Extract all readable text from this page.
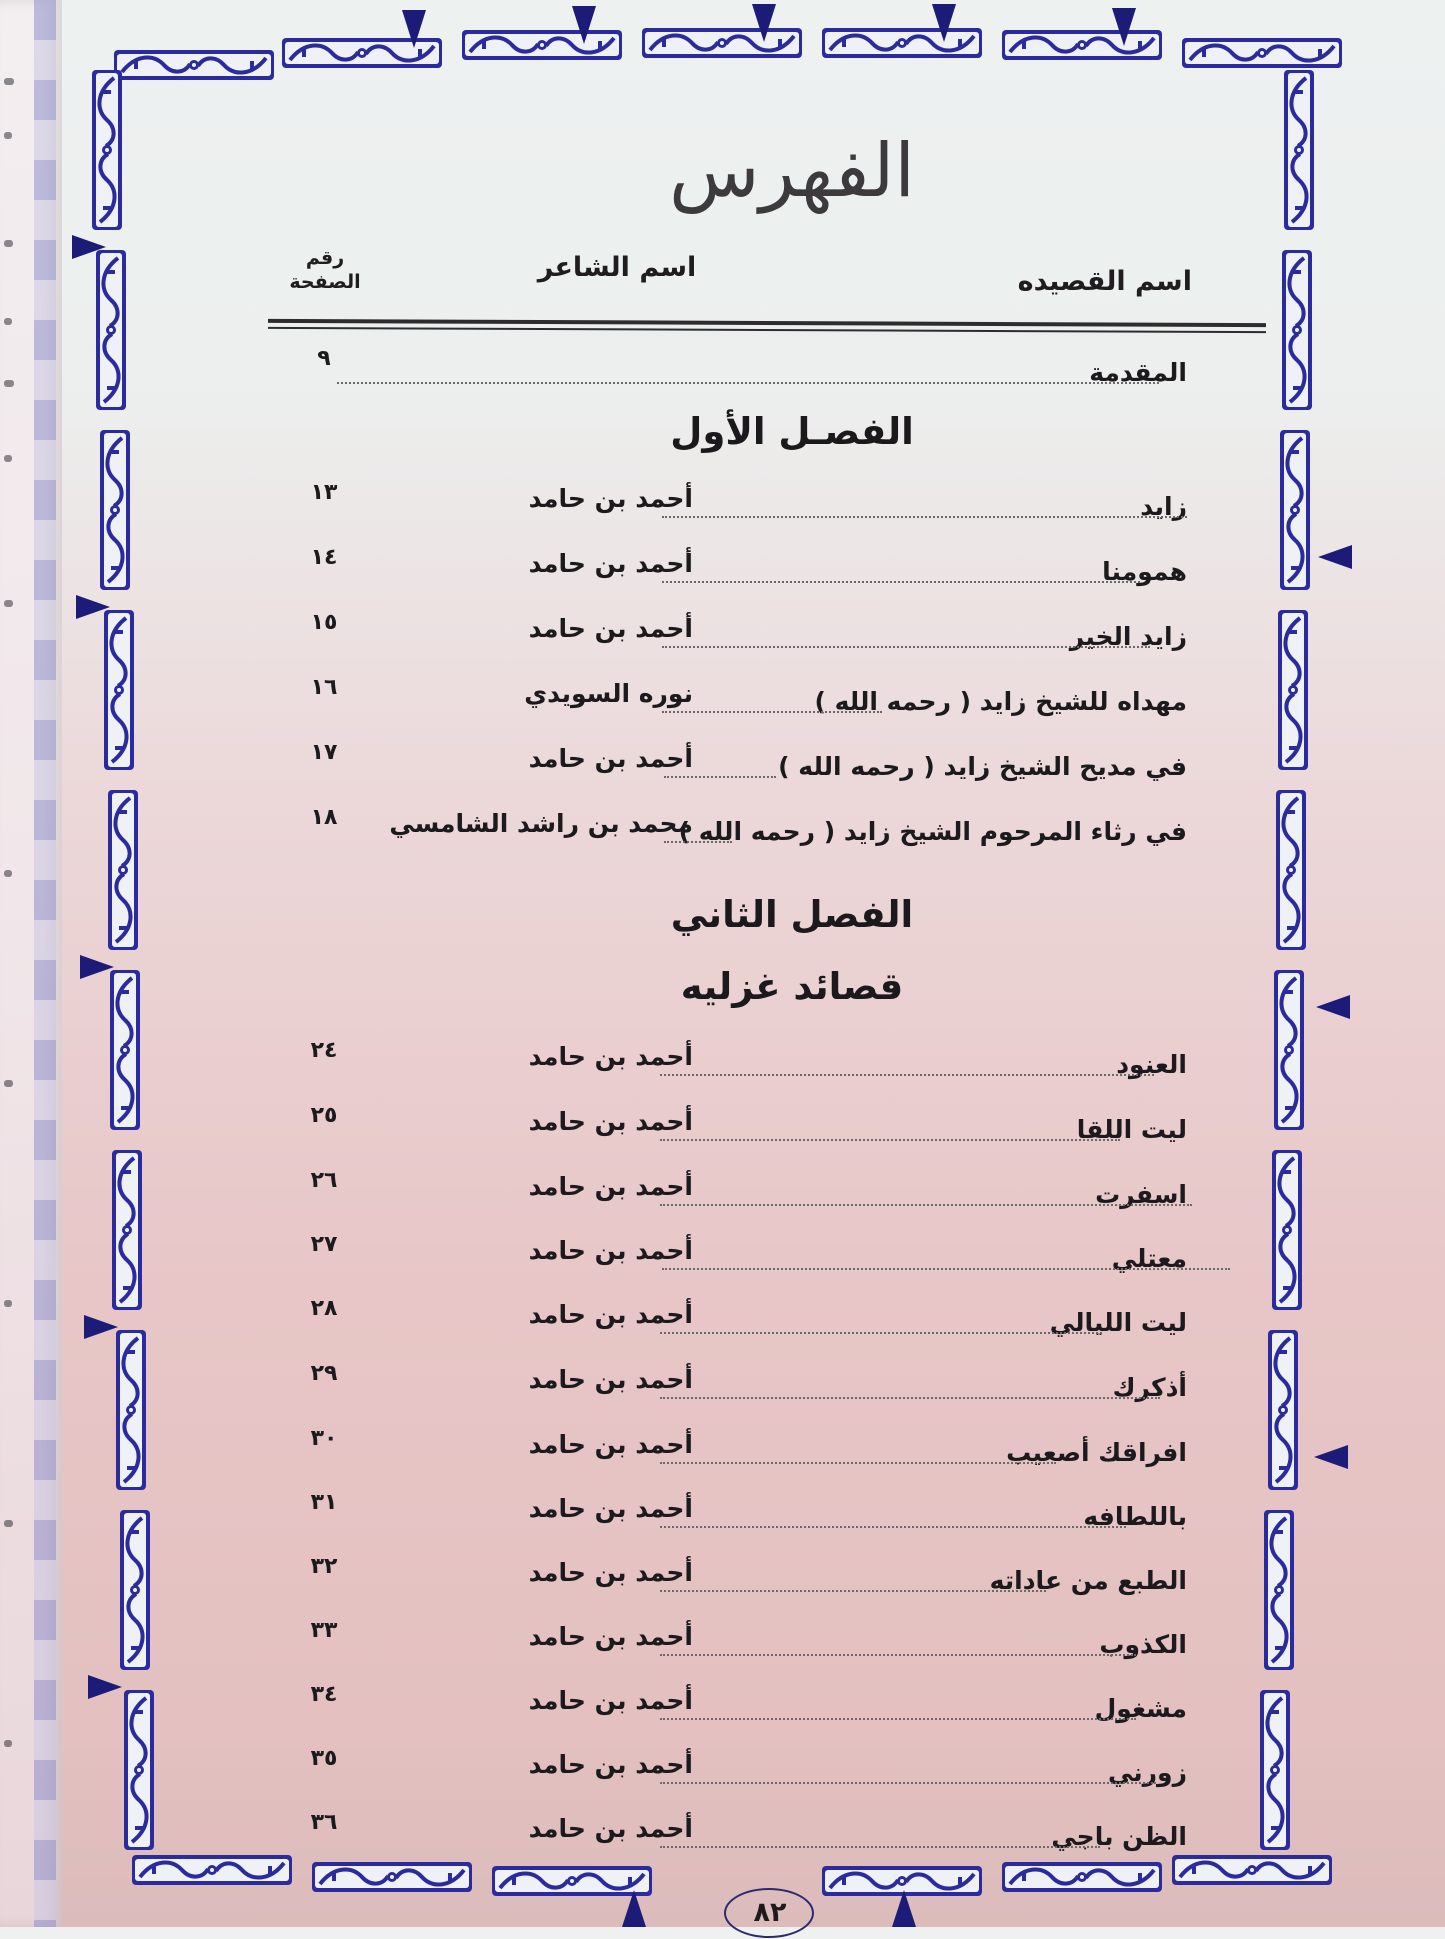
الفهرس
اسم القصيده
اسم الشاعر
رقم
الصفحة
المقدمة
٩
الفصـل الأول
زايد
أحمد بن حامد
١٣
همومنا
أحمد بن حامد
١٤
زايد الخير
أحمد بن حامد
١٥
مهداه للشيخ زايد ( رحمه الله )
نوره السويدي
١٦
في مديح الشيخ زايد ( رحمه الله )
أحمد بن حامد
١٧
في رثاء المرحوم الشيخ زايد ( رحمه الله )
محمد بن راشد الشامسي
١٨
الفصل الثاني
قصائد غزليه
العنود
أحمد بن حامد
٢٤
ليت اللقا
أحمد بن حامد
٢٥
اسفرت
أحمد بن حامد
٢٦
معتلي
أحمد بن حامد
٢٧
ليت الليالي
أحمد بن حامد
٢٨
أذكرك
أحمد بن حامد
٢٩
افراقك أصعيب
أحمد بن حامد
٣٠
باللطافه
أحمد بن حامد
٣١
الطبع من عاداته
أحمد بن حامد
٣٢
الكذوب
أحمد بن حامد
٣٣
مشغول
أحمد بن حامد
٣٤
زورني
أحمد بن حامد
٣٥
الظن باجي
أحمد بن حامد
٣٦
٨٢
